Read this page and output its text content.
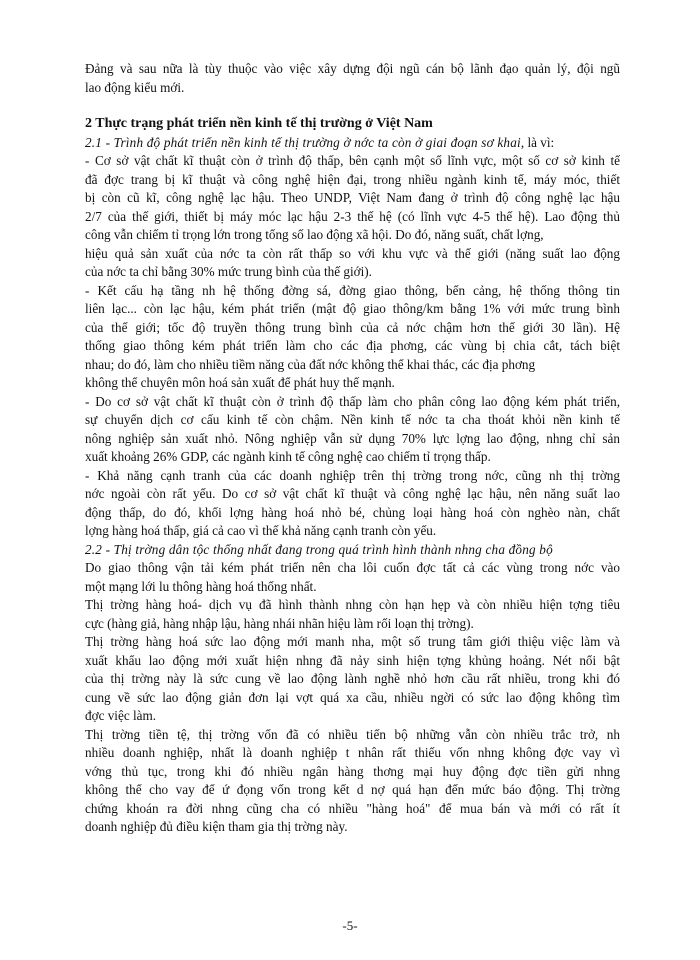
Đảng và sau nữa là tùy thuộc vào việc xây dựng đội ngũ cán bộ lãnh đạo quản lý, đội ngũ
lao động kiểu mới.
2 Thực trạng phát triển nền kinh tế thị trường ở Việt Nam
2.1 - Trình độ phát triển nền kinh tế thị trường ở nớc ta còn ở giai đoạn sơ khai, là vì:
- Cơ sở vật chất kĩ thuật còn ở trình độ thấp, bên cạnh một số lĩnh vực, một số cơ sở kinh tế
đã đợc trang bị kĩ thuật và công nghệ hiện đại, trong nhiều ngành kinh tế, máy móc, thiết
bị còn cũ kĩ, công nghệ lạc hậu. Theo UNDP, Việt Nam đang ở trình độ công nghệ lạc hậu
2/7 của thế giới, thiết bị máy móc lạc hậu 2-3 thế hệ (có lĩnh vực 4-5 thế hệ). Lao động thủ
công vẫn chiếm tỉ trọng lớn trong tổng số lao động xã hội. Do đó, năng suất, chất lợng,
hiệu quả sản xuất của nớc ta còn rất thấp so với khu vực và thế giới (năng suất lao động
của nớc ta chỉ bằng 30% mức trung bình của thế giới).
- Kết cấu hạ tầng nh hệ thống đờng sá, đờng giao thông, bến cảng, hệ thống thông tin
liên lạc... còn lạc hậu, kém phát triển (mật độ giao thông/km bằng 1% với mức trung bình
của thế giới; tốc độ truyền thông trung bình của cả nớc chậm hơn thế giới 30 lần). Hệ
thống giao thông kém phát triển làm cho các địa phơng, các vùng bị chia cắt, tách biệt
nhau; do đó, làm cho nhiều tiềm năng của đất nớc không thể khai thác, các địa phơng
không thể chuyên môn hoá sản xuất để phát huy thế mạnh.
- Do cơ sở vật chất kĩ thuật còn ở trình độ thấp làm cho phân công lao động kém phát triển,
sự chuyển dịch cơ cấu kinh tế còn chậm. Nền kinh tế nớc ta cha thoát khỏi nền kinh tế
nông nghiệp sản xuất nhỏ. Nông nghiệp vẫn sử dụng 70% lực lợng lao động, nhng chỉ sản
xuất khoảng 26% GDP, các ngành kinh tế công nghệ cao chiếm tỉ trọng thấp.
- Khả năng cạnh tranh của các doanh nghiệp trên thị trờng trong nớc, cũng nh thị trờng
nớc ngoài còn rất yếu. Do cơ sở vật chất kĩ thuật và công nghệ lạc hậu, nên năng suất lao
động thấp, do đó, khối lợng hàng hoá nhỏ bé, chủng loại hàng hoá còn nghèo nàn, chất
lợng hàng hoá thấp, giá cả cao vì thế khả năng cạnh tranh còn yếu.
2.2 - Thị trờng dân tộc thống nhất đang trong quá trình hình thành nhng cha đồng bộ
Do giao thông vận tải kém phát triển nên cha lôi cuốn đợc tất cả các vùng trong nớc vào
một mạng lới lu thông hàng hoá thống nhất.
Thị trờng hàng hoá- dịch vụ đã hình thành nhng còn hạn hẹp và còn nhiều hiện tợng tiêu
cực (hàng giả, hàng nhập lậu, hàng nhái nhãn hiệu làm rối loạn thị trờng).
Thị trờng hàng hoá sức lao động mới manh nha, một số trung tâm giới thiệu việc làm và
xuất khẩu lao động mới xuất hiện nhng đã nảy sinh hiện tợng khủng hoảng. Nét nổi bật
của thị trờng này là sức cung về lao động lành nghề nhỏ hơn cầu rất nhiều, trong khi đó
cung về sức lao động giản đơn lại vợt quá xa cầu, nhiều ngời có sức lao động không tìm
đợc việc làm.
Thị trờng tiền tệ, thị trờng vốn đã có nhiều tiến bộ những vẫn còn nhiều trắc trở, nh
nhiều doanh nghiệp, nhất là doanh nghiệp t nhân rất thiếu vốn nhng không đợc vay vì
vớng thủ tục, trong khi đó nhiều ngân hàng thơng mại huy động đợc tiền gửi nhng
không thể cho vay để ứ đọng vốn trong kết d nợ quá hạn đến mức báo động. Thị trờng
chứng khoán ra đời nhng cũng cha có nhiều "hàng hoá" để mua bán và mới có rất ít
doanh nghiệp đủ điều kiện tham gia thị trờng này.
-5-
